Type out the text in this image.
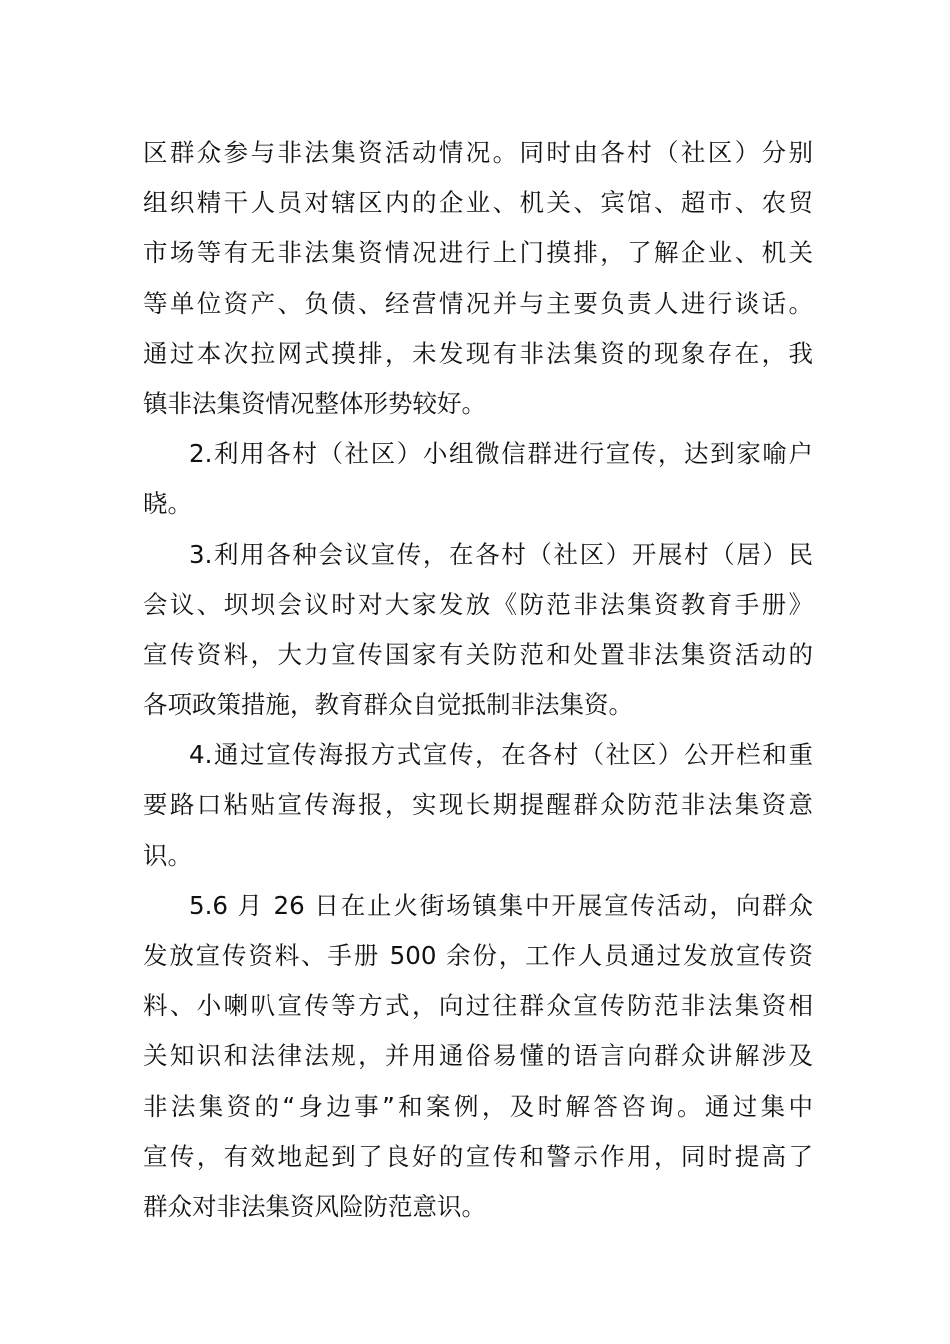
区群众参与非法集资活动情况。同时由各村（社区）分别
组织精干人员对辖区内的企业、机关、宾馆、超市、农贸
市场等有无非法集资情况进行上门摸排，了解企业、机关
等单位资产、负债、经营情况并与主要负责人进行谈话。
通过本次拉网式摸排，未发现有非法集资的现象存在，我
镇非法集资情况整体形势较好。

2.利用各村（社区）小组微信群进行宣传，达到家喻户
晓。

3.利用各种会议宣传，在各村（社区）开展村（居）民
会议、坝坝会议时对大家发放《防范非法集资教育手册》
宣传资料，大力宣传国家有关防范和处置非法集资活动的
各项政策措施，教育群众自觉抵制非法集资。

4.通过宣传海报方式宣传，在各村（社区）公开栏和重
要路口粘贴宣传海报，实现长期提醒群众防范非法集资意
识。

5.6 月 26 日在止火街场镇集中开展宣传活动，向群众
发放宣传资料、手册 500 余份，工作人员通过发放宣传资
料、小喇叭宣传等方式，向过往群众宣传防范非法集资相
关知识和法律法规，并用通俗易懂的语言向群众讲解涉及
非法集资的“身边事”和案例，及时解答咨询。通过集中
宣传，有效地起到了良好的宣传和警示作用，同时提高了
群众对非法集资风险防范意识。
